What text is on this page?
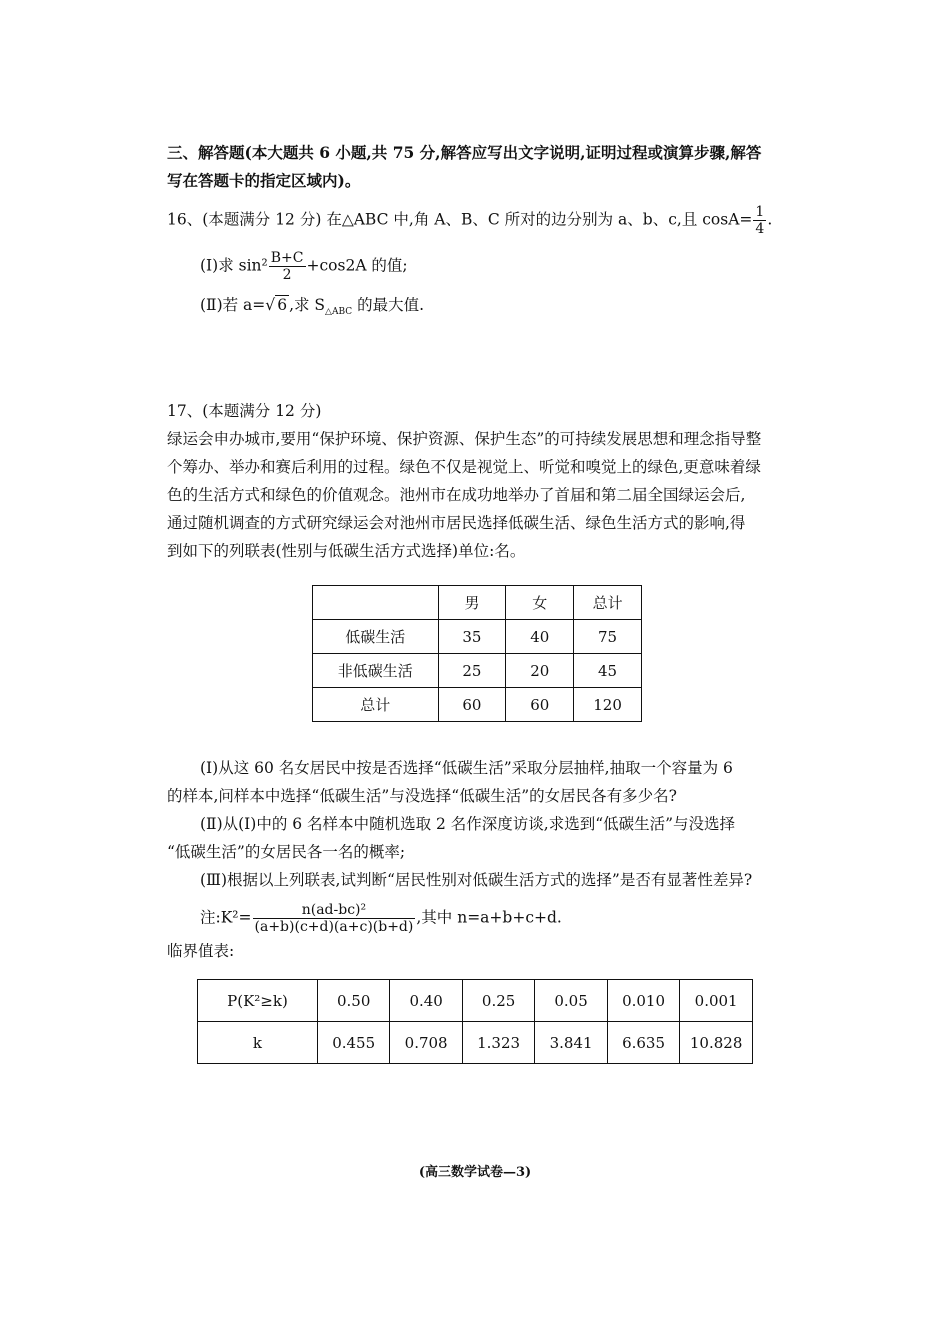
三、解答题(本大题共 6 小题,共 75 分,解答应写出文字说明,证明过程或演算步骤,解答
写在答题卡的指定区域内)。
16、(本题满分 12 分) 在△ABC 中,角 A、B、C 所对的边分别为 a、b、c,且 $\cos A= \frac{1}{4}$ .
(Ⅰ)求 $\sin^2 \frac{B+C}{2} +\cos 2A$ 的值;
(Ⅱ)若 a=√ 6 ,求 $S_{\triangle ABC}$ 的最大值.
17、(本题满分 12 分)
绿运会申办城市,要用“保护环境、保护资源、保护生态”的可持续发展思想和理念指导整
个筹办、举办和赛后利用的过程。绿色不仅是视觉上、听觉和嗅觉上的绿色,更意味着绿
色的生活方式和绿色的价值观念。池州市在成功地举办了首届和第二届全国绿运会后,
通过随机调查的方式研究绿运会对池州市居民选择低碳生活、绿色生活方式的影响,得
到如下的列联表(性别与低碳生活方式选择)单位:名。
	男	女	总计
低碳生活	35	40	75
非低碳生活	25	20	45
总计	60	60	120
(Ⅰ)从这 60 名女居民中按是否选择“低碳生活”采取分层抽样,抽取一个容量为 6
的样本,问样本中选择“低碳生活”与没选择“低碳生活”的女居民各有多少名?
(Ⅱ)从(Ⅰ)中的 6 名样本中随机选取 2 名作深度访谈,求选到“低碳生活”与没选择
“低碳生活”的女居民各一名的概率;
(Ⅲ)根据以上列联表,试判断“居民性别对低碳生活方式的选择”是否有显著性差异?
注:K²= $\frac{\text{n(ad-bc)²}}{(a+b)(c+d)(a+c)(b+d)}$ ,其中 n=a+b+c+d.
临界值表:
P(K²≥k)	0.50	0.40	0.25	0.05	0.010	0.001
k	0.455	0.708	1.323	3.841	6.635	10.828
(高三数学试卷—3)
